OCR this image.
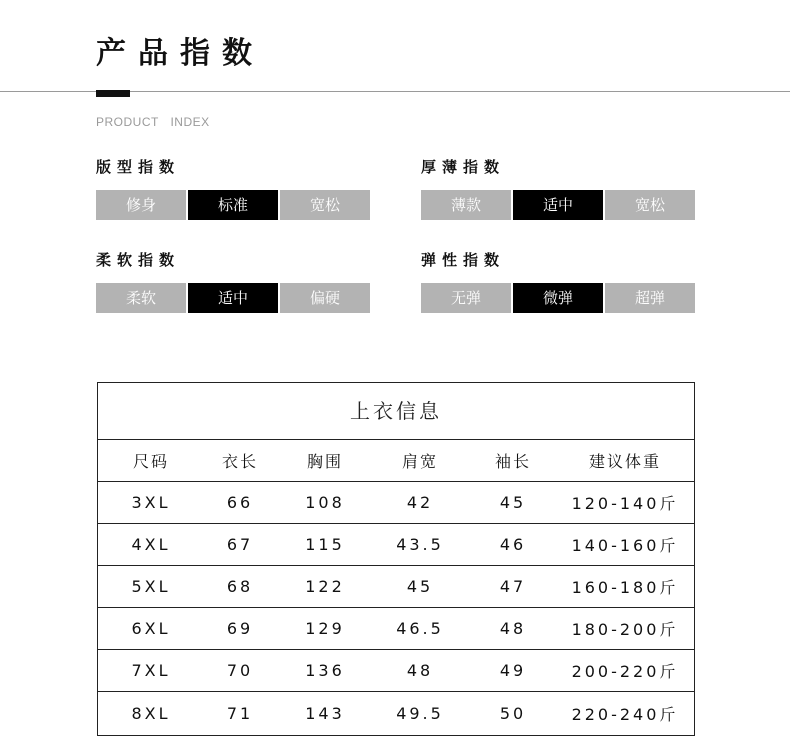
产品指数
PRODUCT INDEX
版型指数
修身	标准	宽松
厚薄指数
薄款	适中	宽松
柔软指数
柔软	适中	偏硬
弹性指数
无弹	微弹	超弹
上衣信息
尺码	衣长	胸围	肩宽	袖长	建议体重
3XL	66	108	42	45	120-140斤
4XL	67	115	43.5	46	140-160斤
5XL	68	122	45	47	160-180斤
6XL	69	129	46.5	48	180-200斤
7XL	70	136	48	49	200-220斤
8XL	71	143	49.5	50	220-240斤
